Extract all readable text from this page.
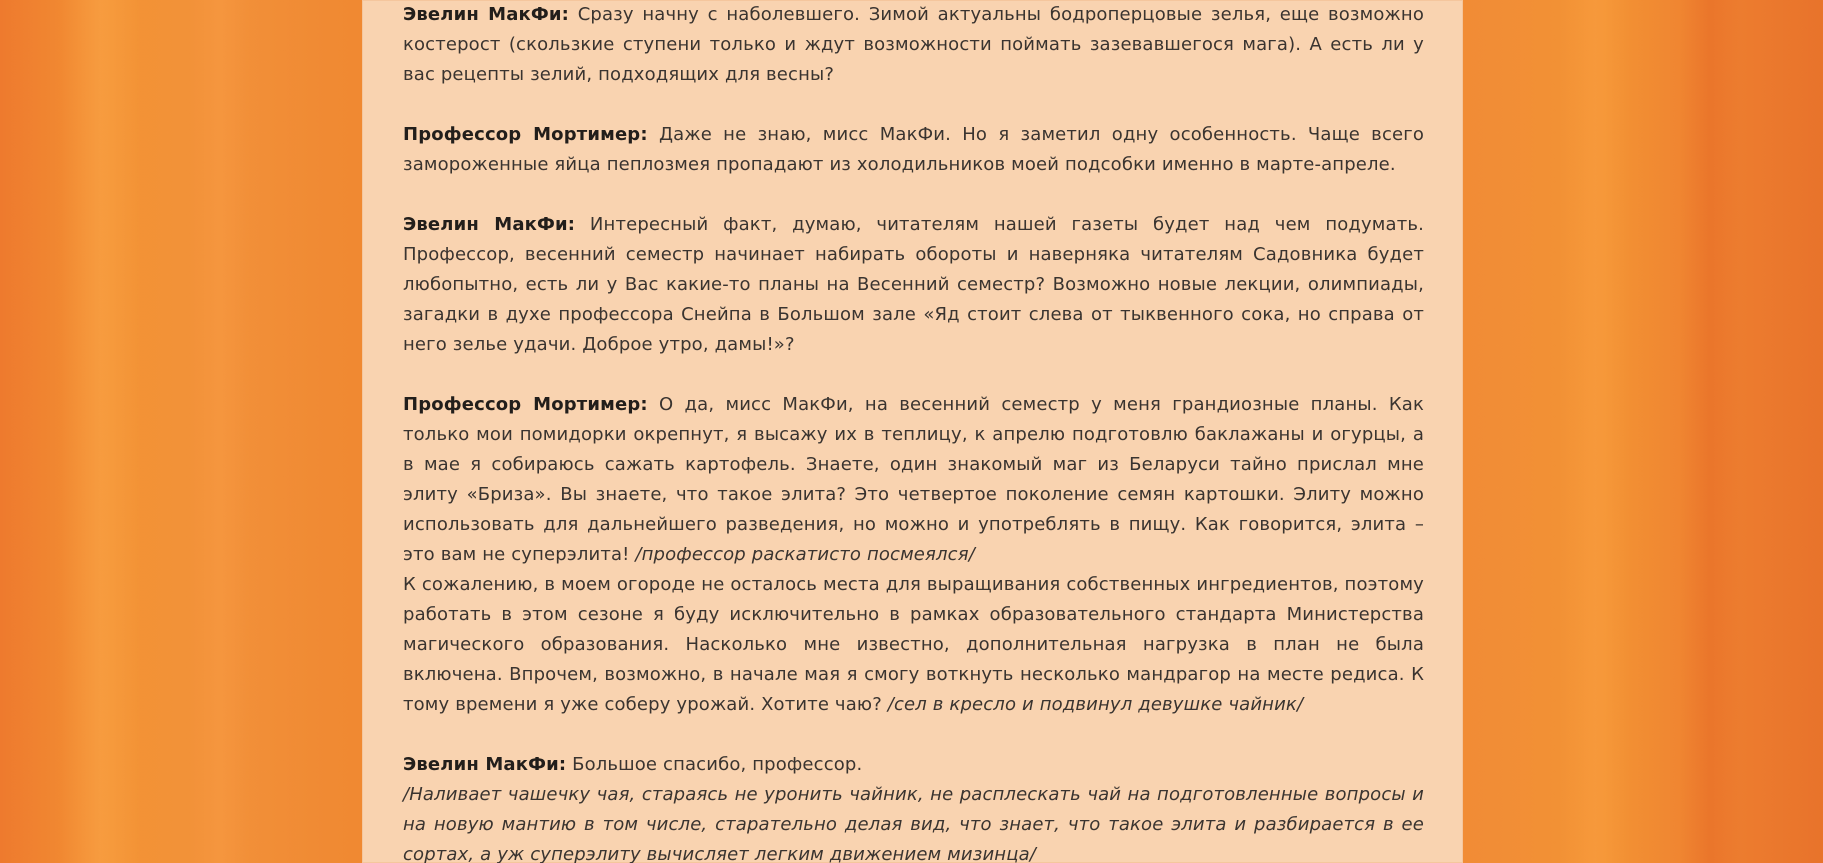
Эвелин МакФи: Сразу начну с наболевшего. Зимой актуальны бодроперцовые зелья, еще возможно костерост (скользкие ступени только и ждут возможности поймать зазевавшегося мага). А есть ли у вас рецепты зелий, подходящих для весны?

Профессор Мортимер: Даже не знаю, мисс МакФи. Но я заметил одну особенность. Чаще всего замороженные яйца пеплозмея пропадают из холодильников моей подсобки именно в марте-апреле.

Эвелин МакФи: Интересный факт, думаю, читателям нашей газеты будет над чем подумать. Профессор, весенний семестр начинает набирать обороты и наверняка читателям Садовника будет любопытно, есть ли у Вас какие-то планы на Весенний семестр? Возможно новые лекции, олимпиады, загадки в духе профессора Снейпа в Большом зале «Яд стоит слева от тыквенного сока, но справа от него зелье удачи. Доброе утро, дамы!»?

Профессор Мортимер: О да, мисс МакФи, на весенний семестр у меня грандиозные планы. Как только мои помидорки окрепнут, я высажу их в теплицу, к апрелю подготовлю баклажаны и огурцы, а в мае я собираюсь сажать картофель. Знаете, один знакомый маг из Беларуси тайно прислал мне элиту «Бриза». Вы знаете, что такое элита? Это четвертое поколение семян картошки. Элиту можно использовать для дальнейшего разведения, но можно и употреблять в пищу. Как говорится, элита – это вам не суперэлита! /профессор раскатисто посмеялся/

К сожалению, в моем огороде не осталось места для выращивания собственных ингредиентов, поэтому работать в этом сезоне я буду исключительно в рамках образовательного стандарта Министерства магического образования. Насколько мне известно, дополнительная нагрузка в план не была включена. Впрочем, возможно, в начале мая я смогу воткнуть несколько мандрагор на месте редиса. К тому времени я уже соберу урожай. Хотите чаю? /сел в кресло и подвинул девушке чайник/

Эвелин МакФи: Большое спасибо, профессор.

/Наливает чашечку чая, стараясь не уронить чайник, не расплескать чай на подготовленные вопросы и на новую мантию в том числе, старательно делая вид, что знает, что такое элита и разбирается в ее сортах, а уж суперэлиту вычисляет легким движением мизинца/
